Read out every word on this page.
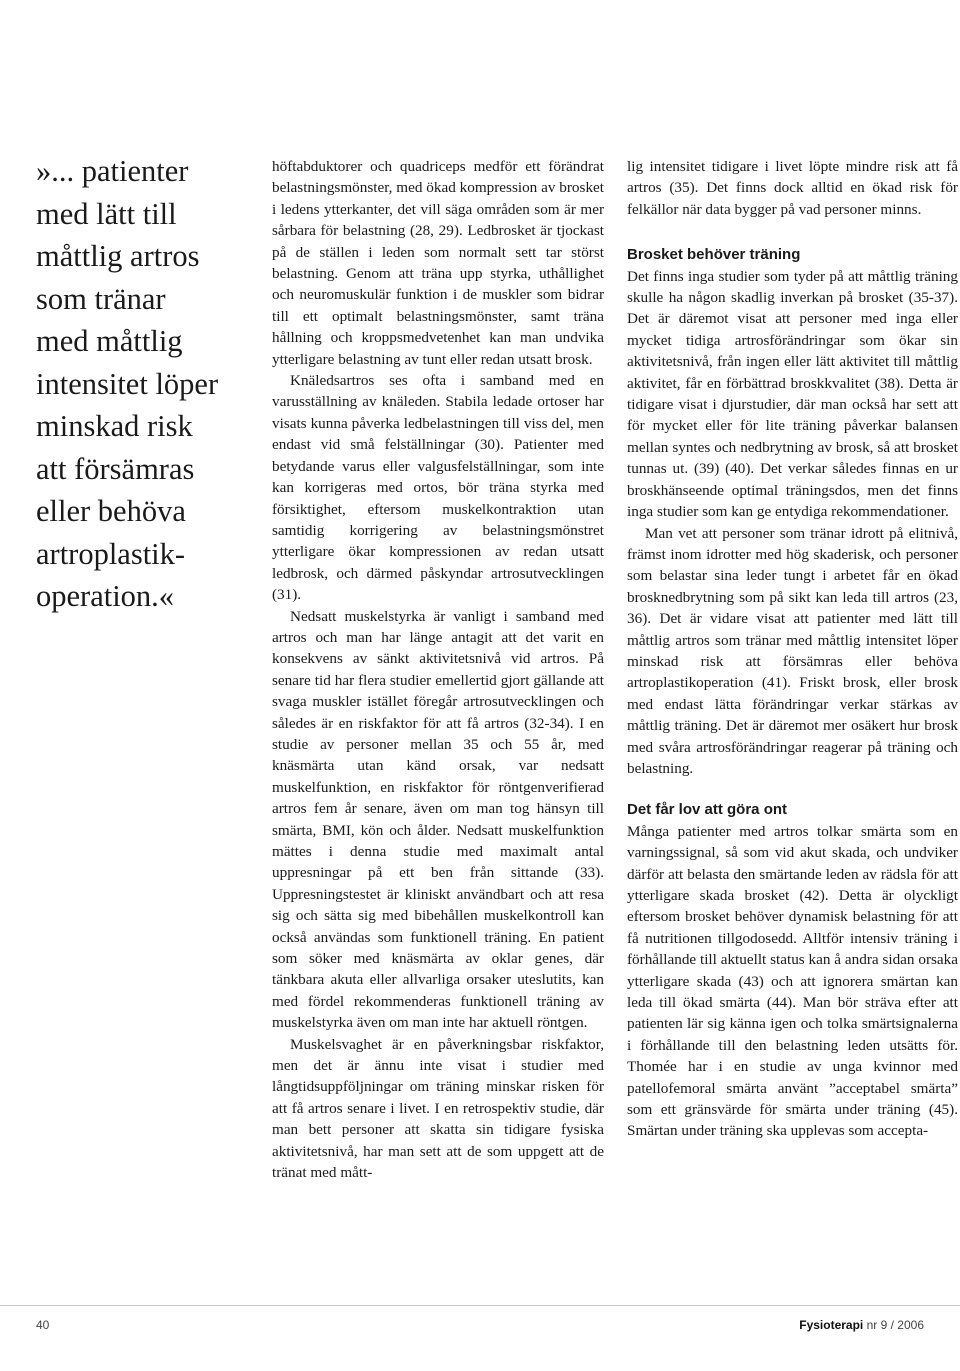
»... patienter
med lätt till
måttlig artros
som tränar
med måttlig
intensitet löper
minskad risk
att försämras
eller behöva
artroplastik-
operation.«

höftabduktorer och quadriceps medför ett förändrat belastningsmönster, med ökad kompression av brosket i ledens ytterkanter, det vill säga områden som är mer sårbara för belastning (28, 29). Ledbrosket är tjockast på de ställen i leden som normalt sett tar störst belastning. Genom att träna upp styrka, uthållighet och neuromuskulär funktion i de muskler som bidrar till ett optimalt belastningsmönster, samt träna hållning och kroppsmedvetenhet kan man undvika ytterligare belastning av tunt eller redan utsatt brosk.

Knäledsartros ses ofta i samband med en varusställning av knäleden. Stabila ledade ortoser har visats kunna påverka ledbelastningen till viss del, men endast vid små felställningar (30). Patienter med betydande varus eller valgusfelställningar, som inte kan korrigeras med ortos, bör träna styrka med försiktighet, eftersom muskelkontraktion utan samtidig korrigering av belastningsmönstret ytterligare ökar kompressionen av redan utsatt ledbrosk, och därmed påskyndar artrosutvecklingen (31).

Nedsatt muskelstyrka är vanligt i samband med artros och man har länge antagit att det varit en konsekvens av sänkt aktivitetsnivå vid artros. På senare tid har flera studier emellertid gjort gällande att svaga muskler istället föregår artrosutvecklingen och således är en riskfaktor för att få artros (32-34). I en studie av personer mellan 35 och 55 år, med knäsmärta utan känd orsak, var nedsatt muskelfunktion, en riskfaktor för röntgenverifierad artros fem år senare, även om man tog hänsyn till smärta, BMI, kön och ålder. Nedsatt muskelfunktion mättes i denna studie med maximalt antal uppresningar på ett ben från sittande (33). Uppresningstestet är kliniskt användbart och att resa sig och sätta sig med bibehållen muskelkontroll kan också användas som funktionell träning. En patient som söker med knäsmärta av oklar genes, där tänkbara akuta eller allvarliga orsaker uteslutits, kan med fördel rekommenderas funktionell träning av muskelstyrka även om man inte har aktuell röntgen.

Muskelsvaghet är en påverkningsbar riskfaktor, men det är ännu inte visat i studier med långtidsuppföljningar om träning minskar risken för att få artros senare i livet. I en retrospektiv studie, där man bett personer att skatta sin tidigare fysiska aktivitetsnivå, har man sett att de som uppgett att de tränat med mått-

lig intensitet tidigare i livet löpte mindre risk att få artros (35). Det finns dock alltid en ökad risk för felkällor när data bygger på vad personer minns.

Brosket behöver träning

Det finns inga studier som tyder på att måttlig träning skulle ha någon skadlig inverkan på brosket (35-37). Det är däremot visat att personer med inga eller mycket tidiga artrosförändringar som ökar sin aktivitetsnivå, från ingen eller lätt aktivitet till måttlig aktivitet, får en förbättrad broskkvalitet (38). Detta är tidigare visat i djurstudier, där man också har sett att för mycket eller för lite träning påverkar balansen mellan syntes och nedbrytning av brosk, så att brosket tunnas ut. (39) (40). Det verkar således finnas en ur broskhänseende optimal träningsdos, men det finns inga studier som kan ge entydiga rekommendationer.

Man vet att personer som tränar idrott på elitnivå, främst inom idrotter med hög skaderisk, och personer som belastar sina leder tungt i arbetet får en ökad brosknedbrytning som på sikt kan leda till artros (23, 36). Det är vidare visat att patienter med lätt till måttlig artros som tränar med måttlig intensitet löper minskad risk att försämras eller behöva artroplastikoperation (41). Friskt brosk, eller brosk med endast lätta förändringar verkar stärkas av måttlig träning. Det är däremot mer osäkert hur brosk med svåra artrosförändringar reagerar på träning och belastning.

Det får lov att göra ont

Många patienter med artros tolkar smärta som en varningssignal, så som vid akut skada, och undviker därför att belasta den smärtande leden av rädsla för att ytterligare skada brosket (42). Detta är olyckligt eftersom brosket behöver dynamisk belastning för att få nutritionen tillgodosedd. Alltför intensiv träning i förhållande till aktuellt status kan å andra sidan orsaka ytterligare skada (43) och att ignorera smärtan kan leda till ökad smärta (44). Man bör sträva efter att patienten lär sig känna igen och tolka smärtsignalerna i förhållande till den belastning leden utsätts för. Thomée har i en studie av unga kvinnor med patellofemoral smärta använt ”acceptabel smärta” som ett gränsvärde för smärta under träning (45). Smärtan under träning ska upplevas som accepta-

40	Fysioterapi nr 9 / 2006
